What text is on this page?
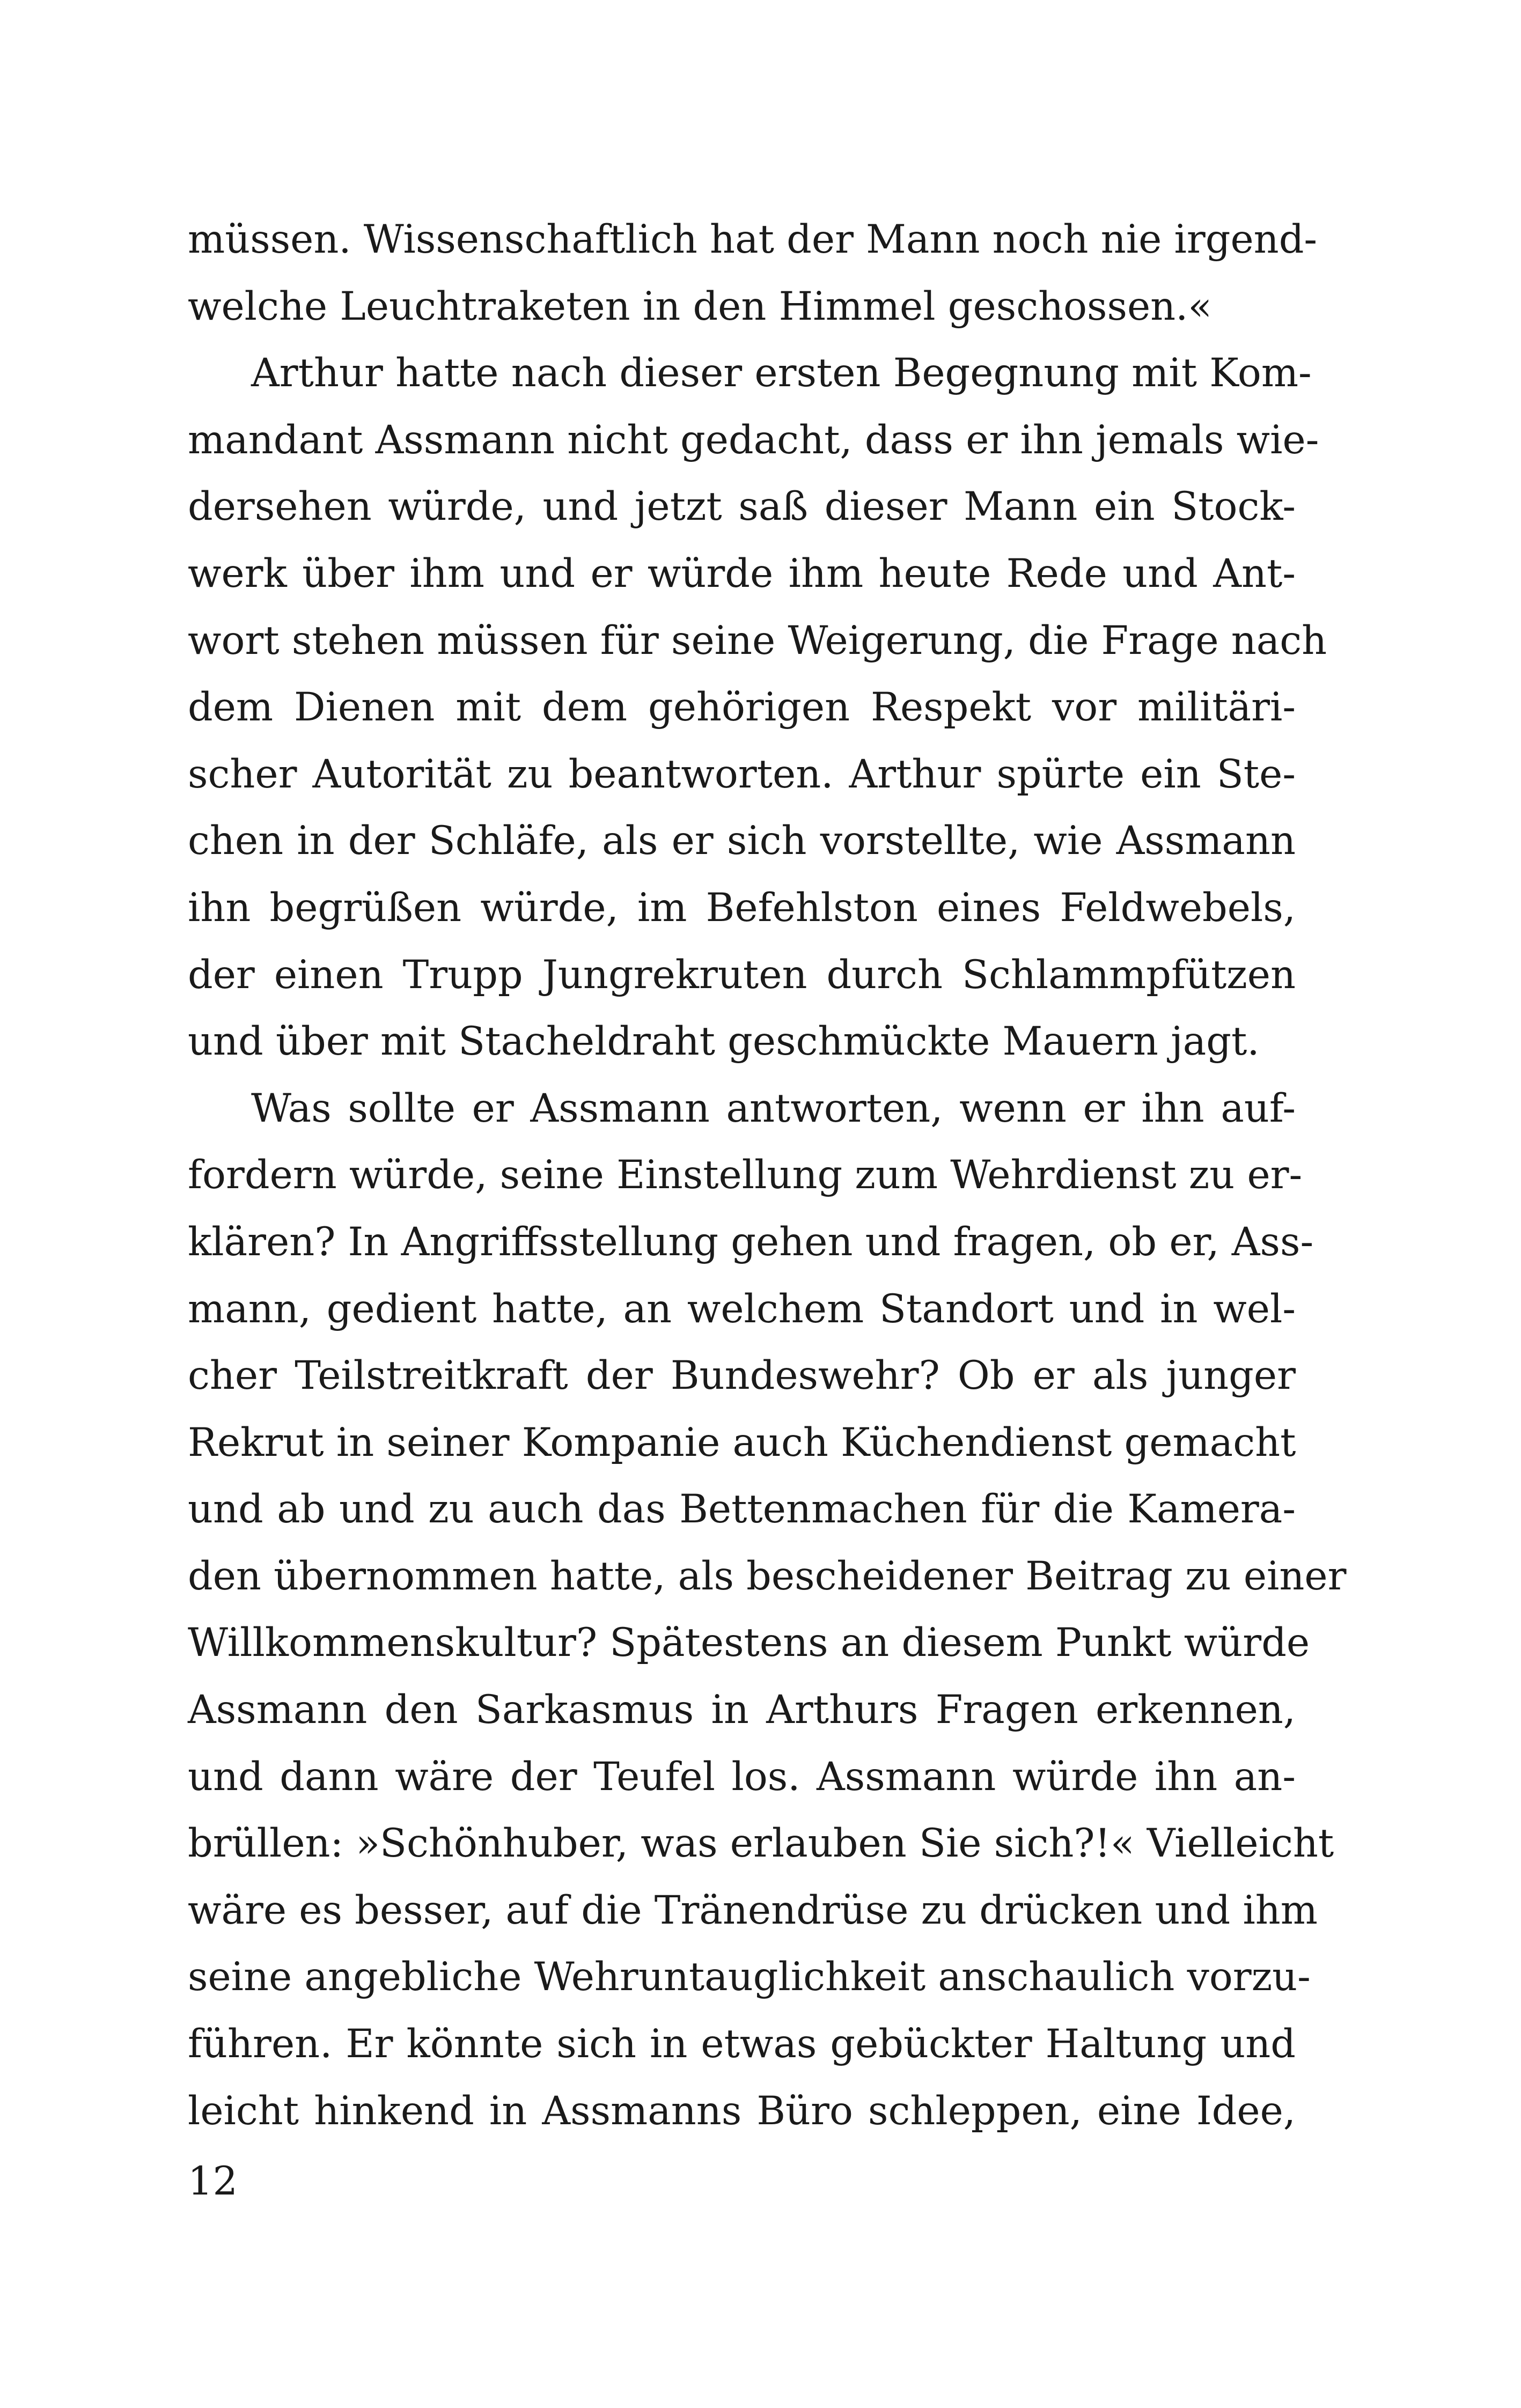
müssen. Wissenschaftlich hat der Mann noch nie irgend-
welche Leuchtraketen in den Himmel geschossen.«
Arthur hatte nach dieser ersten Begegnung mit Kom-
mandant Assmann nicht gedacht, dass er ihn jemals wie-
dersehen würde, und jetzt saß dieser Mann ein Stock-
werk über ihm und er würde ihm heute Rede und Ant-
wort stehen müssen für seine Weigerung, die Frage nach
dem Dienen mit dem gehörigen Respekt vor militäri-
scher Autorität zu beantworten. Arthur spürte ein Ste-
chen in der Schläfe, als er sich vorstellte, wie Assmann
ihn begrüßen würde, im Befehlston eines Feldwebels,
der einen Trupp Jungrekruten durch Schlammpfützen
und über mit Stacheldraht geschmückte Mauern jagt.
Was sollte er Assmann antworten, wenn er ihn auf-
fordern würde, seine Einstellung zum Wehrdienst zu er-
klären? In Angriffsstellung gehen und fragen, ob er, Ass-
mann, gedient hatte, an welchem Standort und in wel-
cher Teilstreitkraft der Bundeswehr? Ob er als junger
Rekrut in seiner Kompanie auch Küchendienst gemacht
und ab und zu auch das Bettenmachen für die Kamera-
den übernommen hatte, als bescheidener Beitrag zu einer
Willkommenskultur? Spätestens an diesem Punkt würde
Assmann den Sarkasmus in Arthurs Fragen erkennen,
und dann wäre der Teufel los. Assmann würde ihn an-
brüllen: »Schönhuber, was erlauben Sie sich?!« Vielleicht
wäre es besser, auf die Tränendrüse zu drücken und ihm
seine angebliche Wehruntauglichkeit anschaulich vorzu-
führen. Er könnte sich in etwas gebückter Haltung und
leicht hinkend in Assmanns Büro schleppen, eine Idee,
12
